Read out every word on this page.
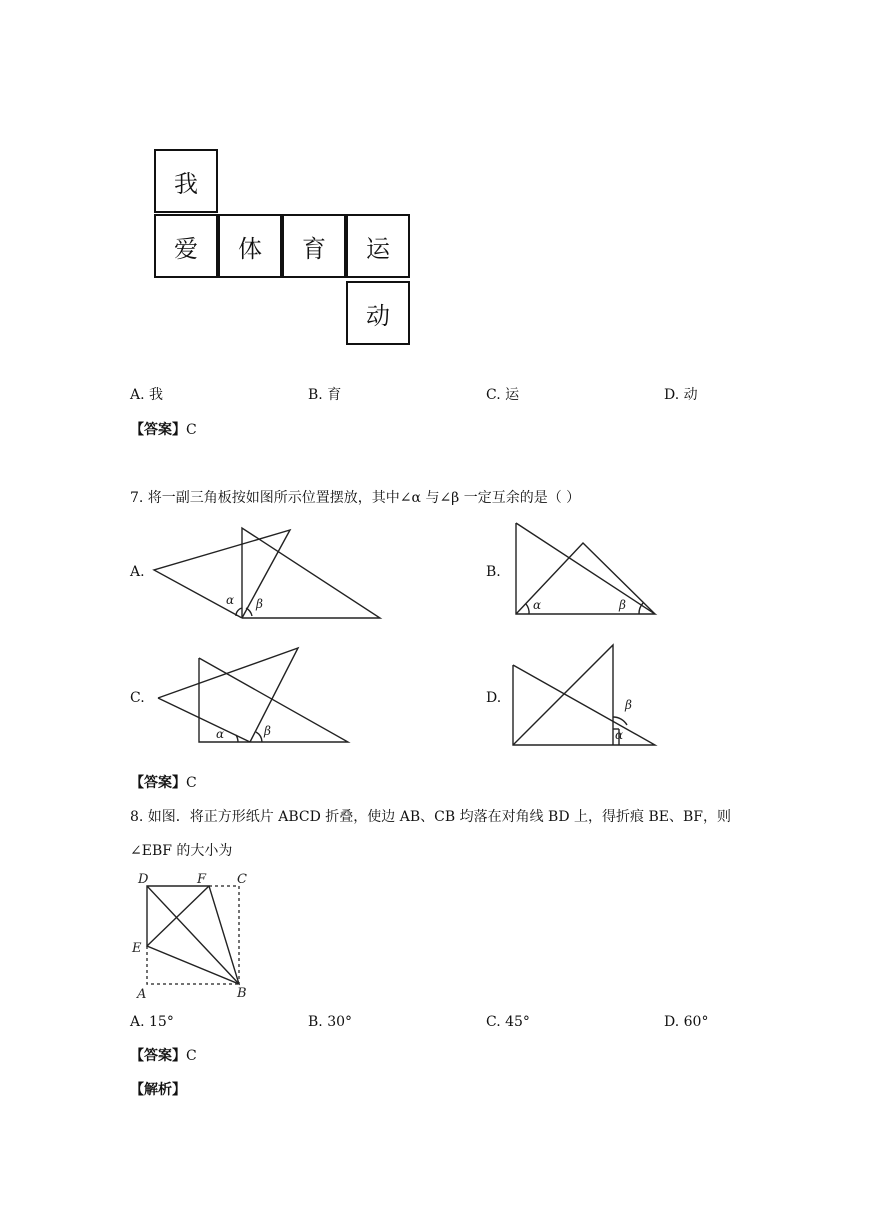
我
爱	体	育	运
动
A. 我	B. 育	C. 运	D. 动
【答案】C
7. 将一副三角板按如图所示位置摆放，其中∠α 与∠β 一定互余的是（ ）
A.	B.
C.	D.
α β	α	β
α	β
β
α
【答案】C
8. 如图．将正方形纸片 ABCD 折叠，使边 AB、CB 均落在对角线 BD 上，得折痕 BE、BF，则
∠EBF 的大小为
D	F C
E
A	B
A. 15°	B. 30°	C. 45°	D. 60°
【答案】C
【解析】
